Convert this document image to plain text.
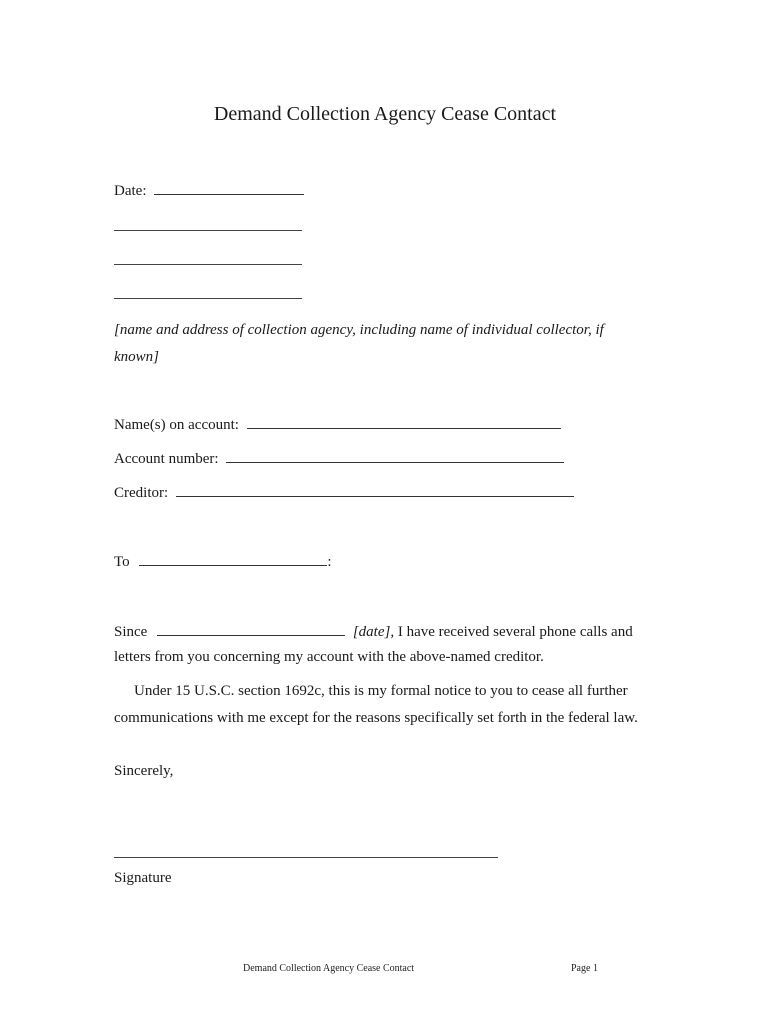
Demand Collection Agency Cease Contact
Date:
[name and address of collection agency, including name of individual collector, if known]
Name(s) on account:
Account number:
Creditor:
To	:
Since	[date], I have received several phone calls and
letters from you concerning my account with the above-named creditor.
Under 15 U.S.C. section 1692c, this is my formal notice to you to cease all further
communications with me except for the reasons specifically set forth in the federal law.
Sincerely,
Signature
Demand Collection Agency Cease Contact	Page 1
